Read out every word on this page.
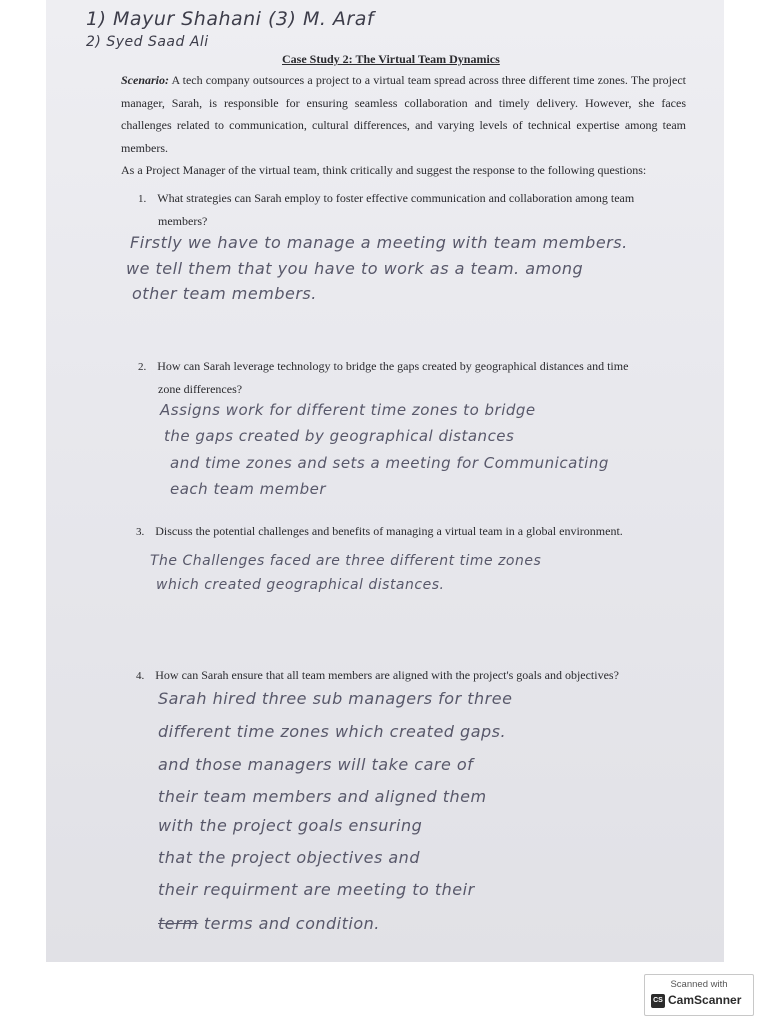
1) Mayur Shahani (3) M. Araf
2) Syed Saad Ali
Case Study 2: The Virtual Team Dynamics
Scenario: A tech company outsources a project to a virtual team spread across three different time zones. The project manager, Sarah, is responsible for ensuring seamless collaboration and timely delivery. However, she faces challenges related to communication, cultural differences, and varying levels of technical expertise among team members.
As a Project Manager of the virtual team, think critically and suggest the response to the following questions:
1. What strategies can Sarah employ to foster effective communication and collaboration among team
members?
Firstly we have to manage a meeting with team members.
we tell them that you have to work as a team. among
other team members.
2. How can Sarah leverage technology to bridge the gaps created by geographical distances and time
zone differences?
Assigns work for different time zones to bridge
the gaps created by geographical distances
and time zones and sets a meeting for Communicating
each team member
3. Discuss the potential challenges and benefits of managing a virtual team in a global environment.
The Challenges faced are three different time zones
which created geographical distances.
4. How can Sarah ensure that all team members are aligned with the project's goals and objectives?
Sarah hired three sub managers for three
different time zones which created gaps.
and those managers will take care of
their team members and aligned them
with the project goals ensuring
that the project objectives and
their requirment are meeting to their
term terms and condition.
Scanned with
CS CamScanner
